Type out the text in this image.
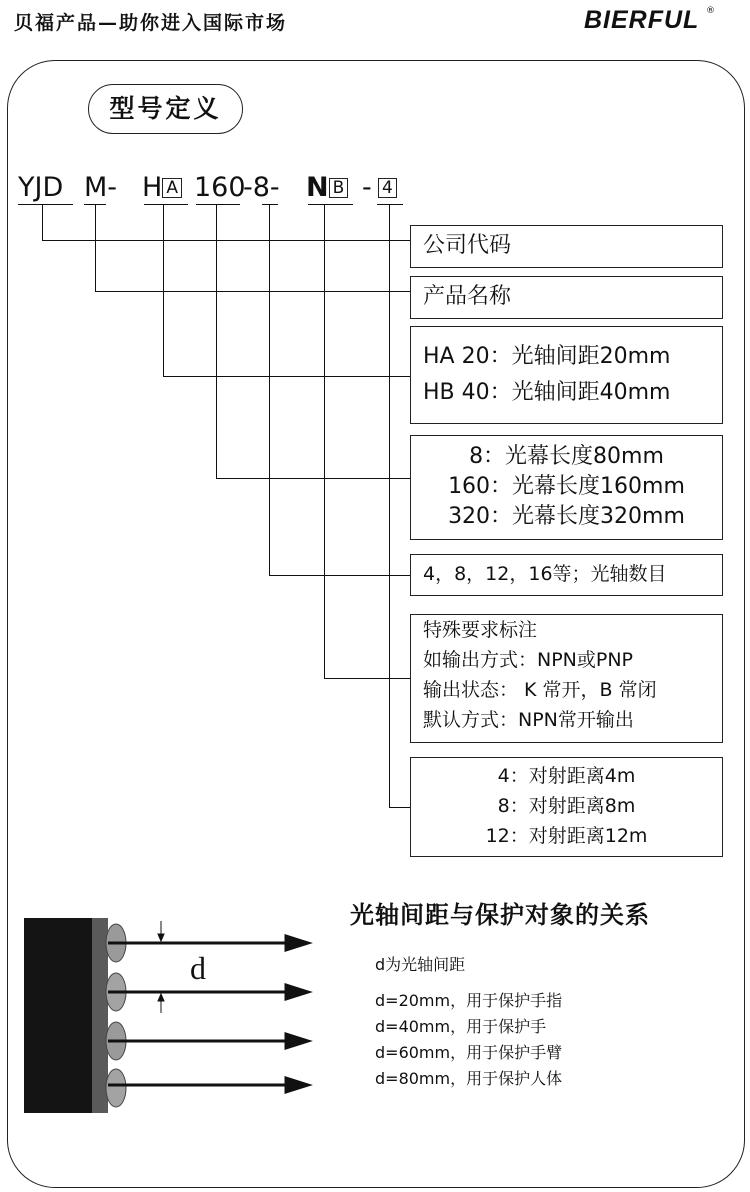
贝福产品—助你进入国际市场	BIERFUL ®
型号定义
YJD M- H A 160
-8- N B - 4
公司代码
产品名称
HA 20：光轴间距20mm
HB 40：光轴间距40mm
8：光幕长度80mm
160：光幕长度160mm
320：光幕长度320mm
4，8，12，16等；光轴数目
特殊要求标注
如输出方式：NPN或PNP
输出状态： K 常开，B 常闭
默认方式：NPN常开输出
4：对射距离4m
8：对射距离8m
12：对射距离12m
光轴间距与保护对象的关系
d	d为光轴间距
d=20mm，用于保护手指
d=40mm，用于保护手
d=60mm，用于保护手臂
d=80mm，用于保护人体
